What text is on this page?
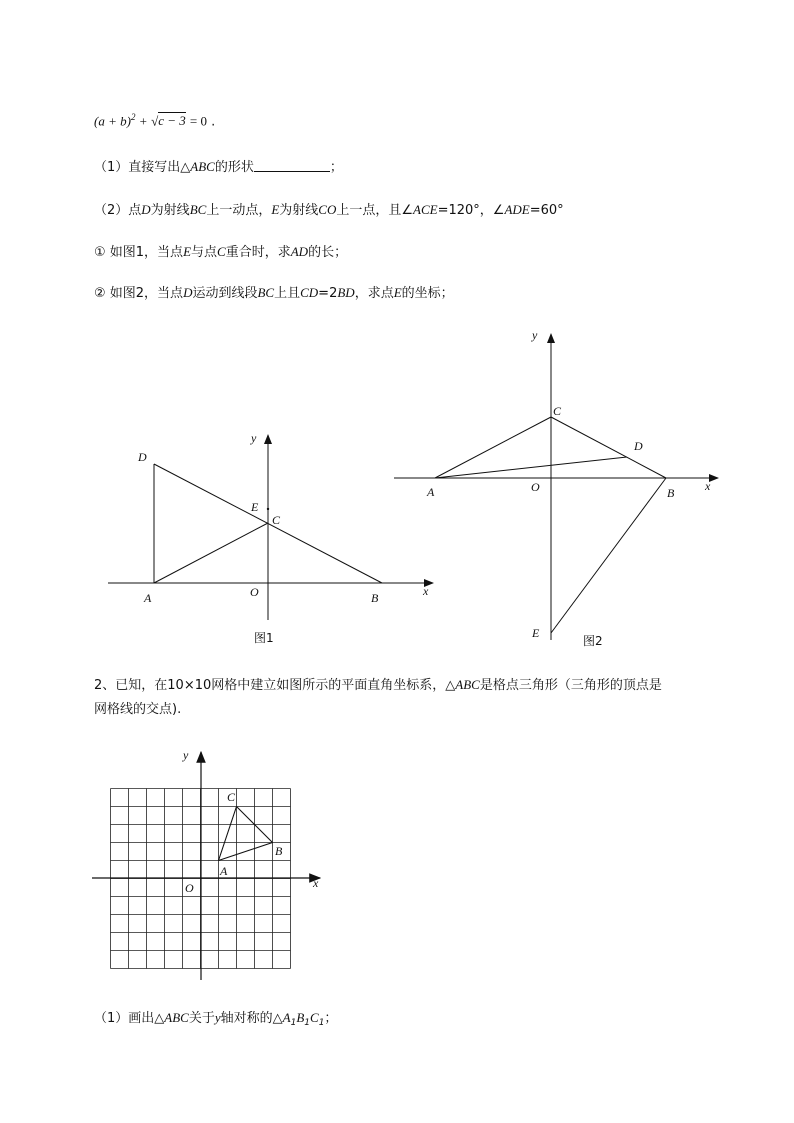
$(a + b)^2 + √c - 3 = 0$ .
（1）直接写出△ABC的形状	；
（2）点D为射线BC上一动点，E为射线CO上一点，且∠ACE=120°，∠ADE=60°
① 如图1，当点E与点C重合时，求AD的长；
② 如图2，当点D运动到线段BC上且CD=2BD，求点E的坐标；
D
y
E
C
A	O	B	x
图1
y
C
D
A	O	B	x
E
图2
2、已知，在10×10网格中建立如图所示的平面直角坐标系，△ABC是格点三角形（三角形的顶点是
网格线的交点).
y
C
B
A
O	x
（1）画出△ABC关于y轴对称的$\triangle A_1B_1C_1$；
